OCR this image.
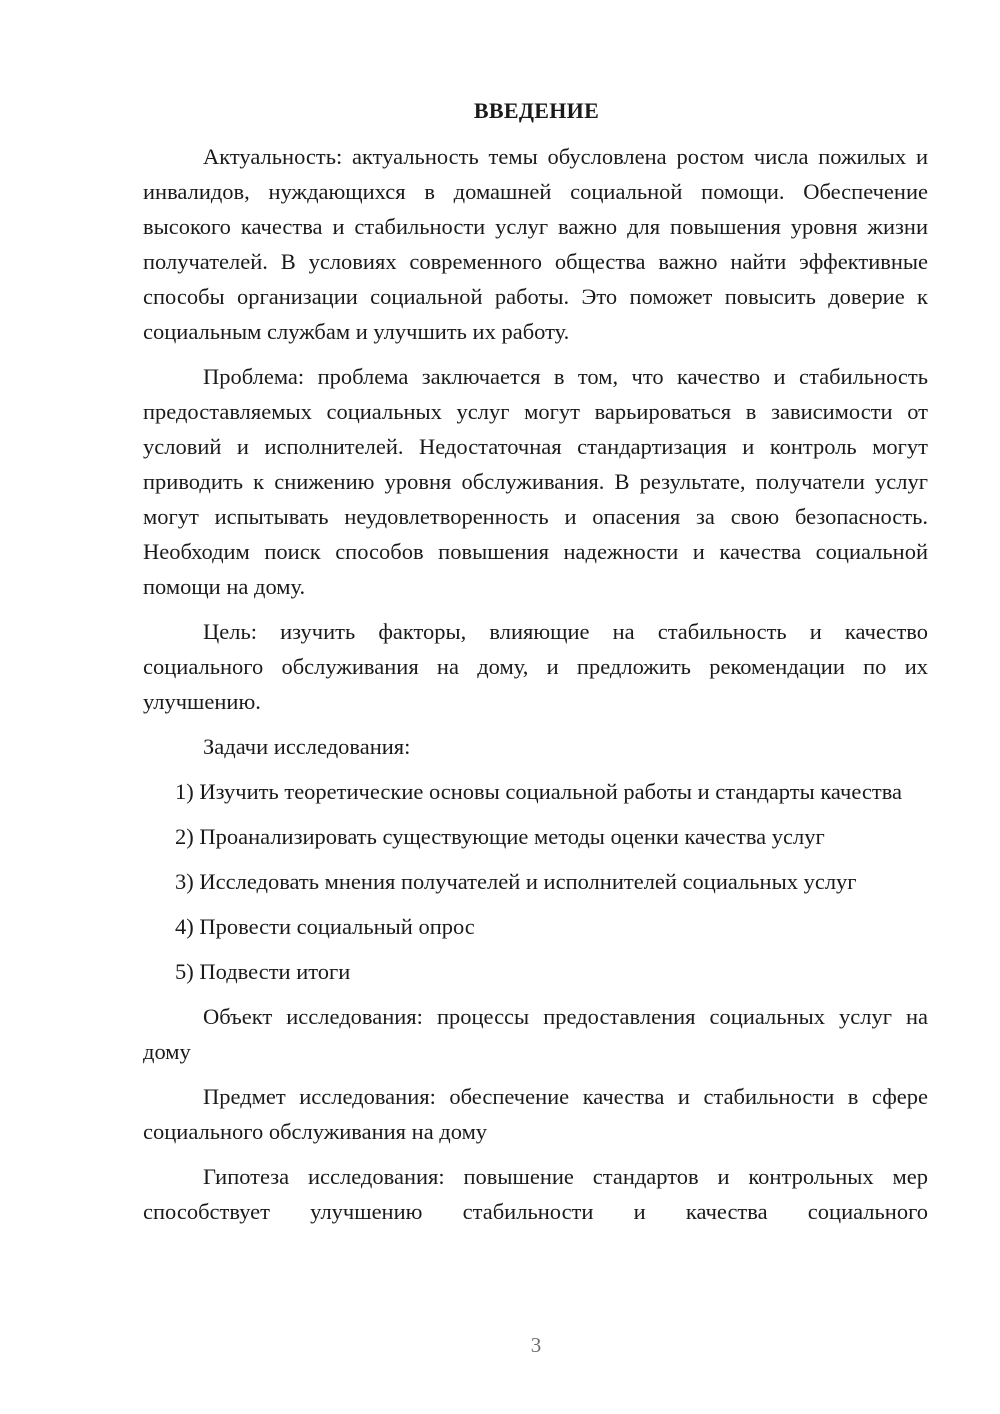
ВВЕДЕНИЕ

Актуальность: актуальность темы обусловлена ростом числа пожилых и инвалидов, нуждающихся в домашней социальной помощи. Обеспечение высокого качества и стабильности услуг важно для повышения уровня жизни получателей. В условиях современного общества важно найти эффективные способы организации социальной работы. Это поможет повысить доверие к социальным службам и улучшить их работу.

Проблема: проблема заключается в том, что качество и стабильность предоставляемых социальных услуг могут варьироваться в зависимости от условий и исполнителей. Недостаточная стандартизация и контроль могут приводить к снижению уровня обслуживания. В результате, получатели услуг могут испытывать неудовлетворенность и опасения за свою безопасность. Необходим поиск способов повышения надежности и качества социальной помощи на дому.

Цель: изучить факторы, влияющие на стабильность и качество социального обслуживания на дому, и предложить рекомендации по их улучшению.

Задачи исследования:

1) Изучить теоретические основы социальной работы и стандарты качества

2) Проанализировать существующие методы оценки качества услуг

3) Исследовать мнения получателей и исполнителей социальных услуг

4) Провести социальный опрос

5) Подвести итоги

Объект исследования: процессы предоставления социальных услуг на дому

Предмет исследования: обеспечение качества и стабильности в сфере социального обслуживания на дому

Гипотеза исследования: повышение стандартов и контрольных мер способствует улучшению стабильности и качества социального

3
